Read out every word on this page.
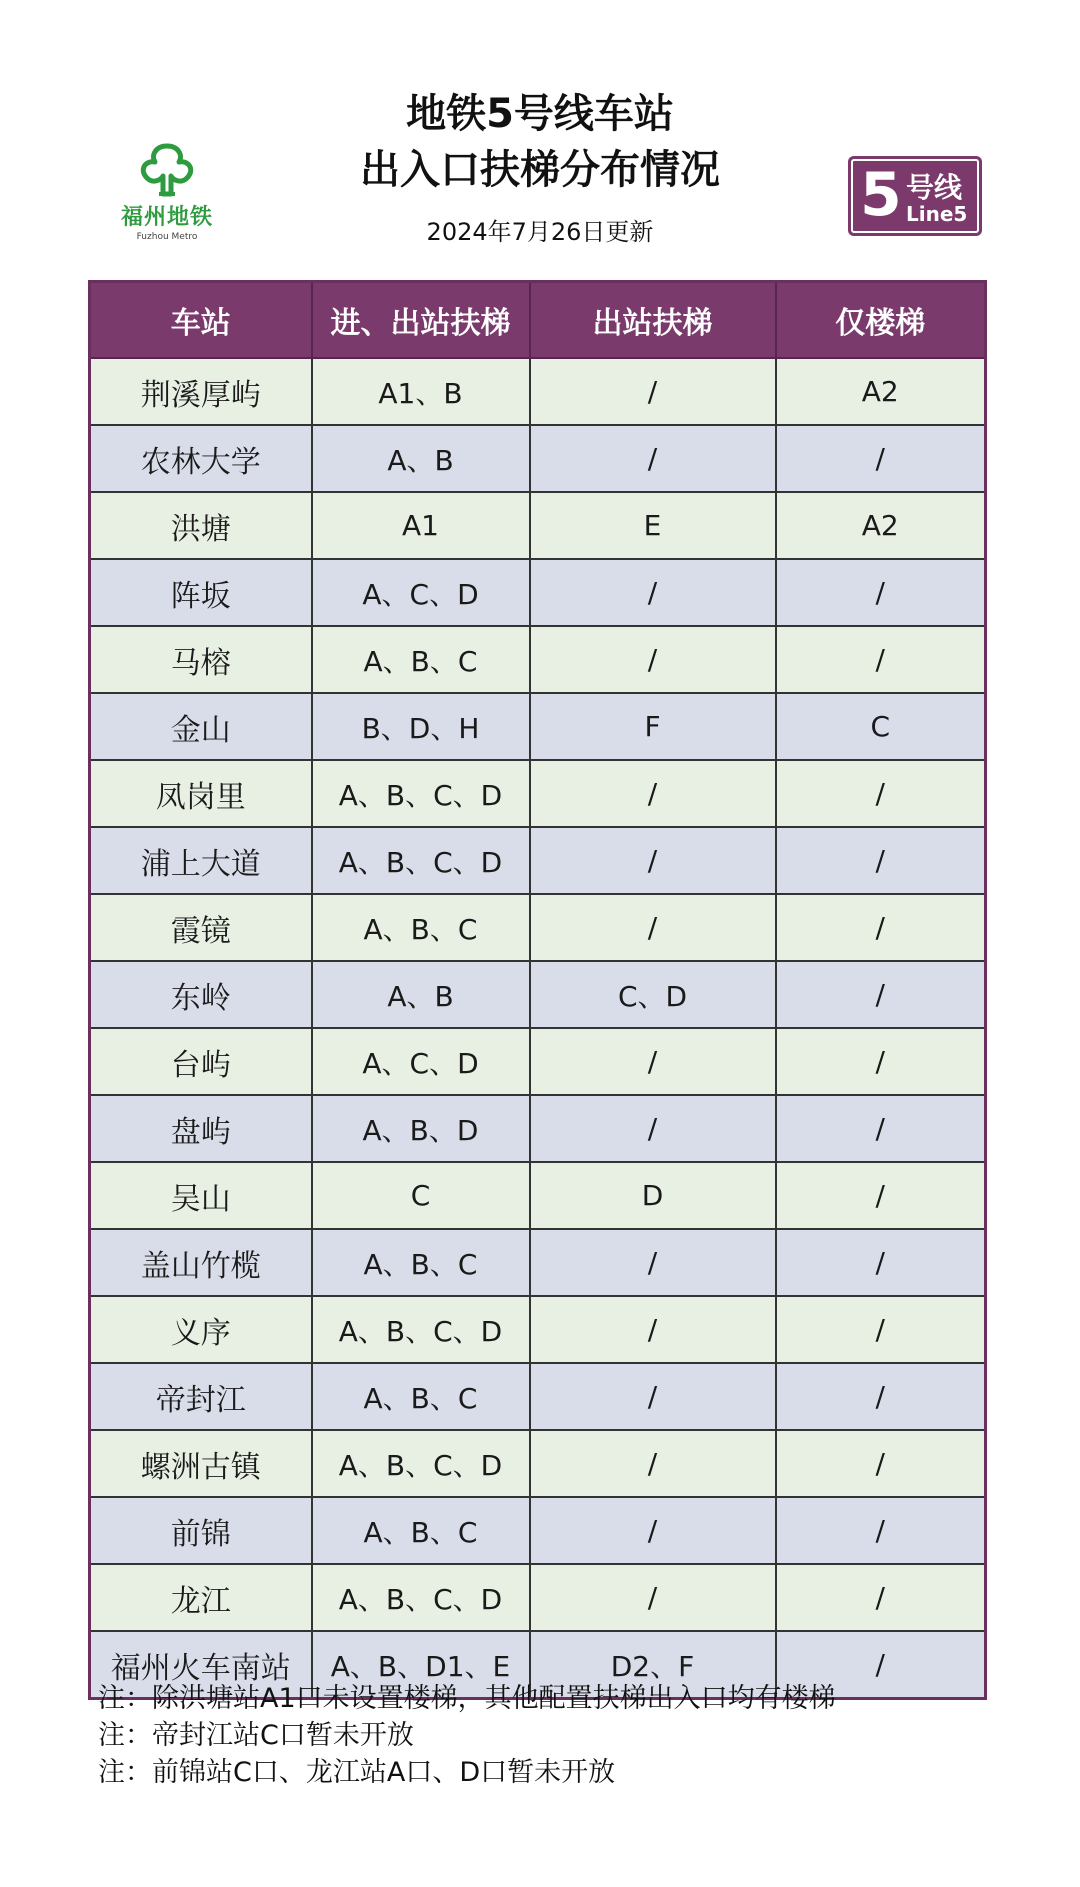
福州地铁
Fuzhou Metro
地铁5号线车站
出入口扶梯分布情况
2024年7月26日更新
5 号线
Line5
车站	进、出站扶梯	出站扶梯	仅楼梯
荆溪厚屿	A1、B	/	A2
农林大学	A、B	/	/
洪塘	A1	E	A2
阵坂	A、C、D	/	/
马榕	A、B、C	/	/
金山	B、D、H	F	C
凤岗里	A、B、C、D	/	/
浦上大道	A、B、C、D	/	/
霞镜	A、B、C	/	/
东岭	A、B	C、D	/
台屿	A、C、D	/	/
盘屿	A、B、D	/	/
吴山	C	D	/
盖山竹榄	A、B、C	/	/
义序	A、B、C、D	/	/
帝封江	A、B、C	/	/
螺洲古镇	A、B、C、D	/	/
前锦	A、B、C	/	/
龙江	A、B、C、D	/	/
福州火车南站	A、B、D1、E	D2、F	/
注：除洪塘站A1口未设置楼梯，其他配置扶梯出入口均有楼梯
注：帝封江站C口暂未开放
注：前锦站C口、龙江站A口、D口暂未开放
